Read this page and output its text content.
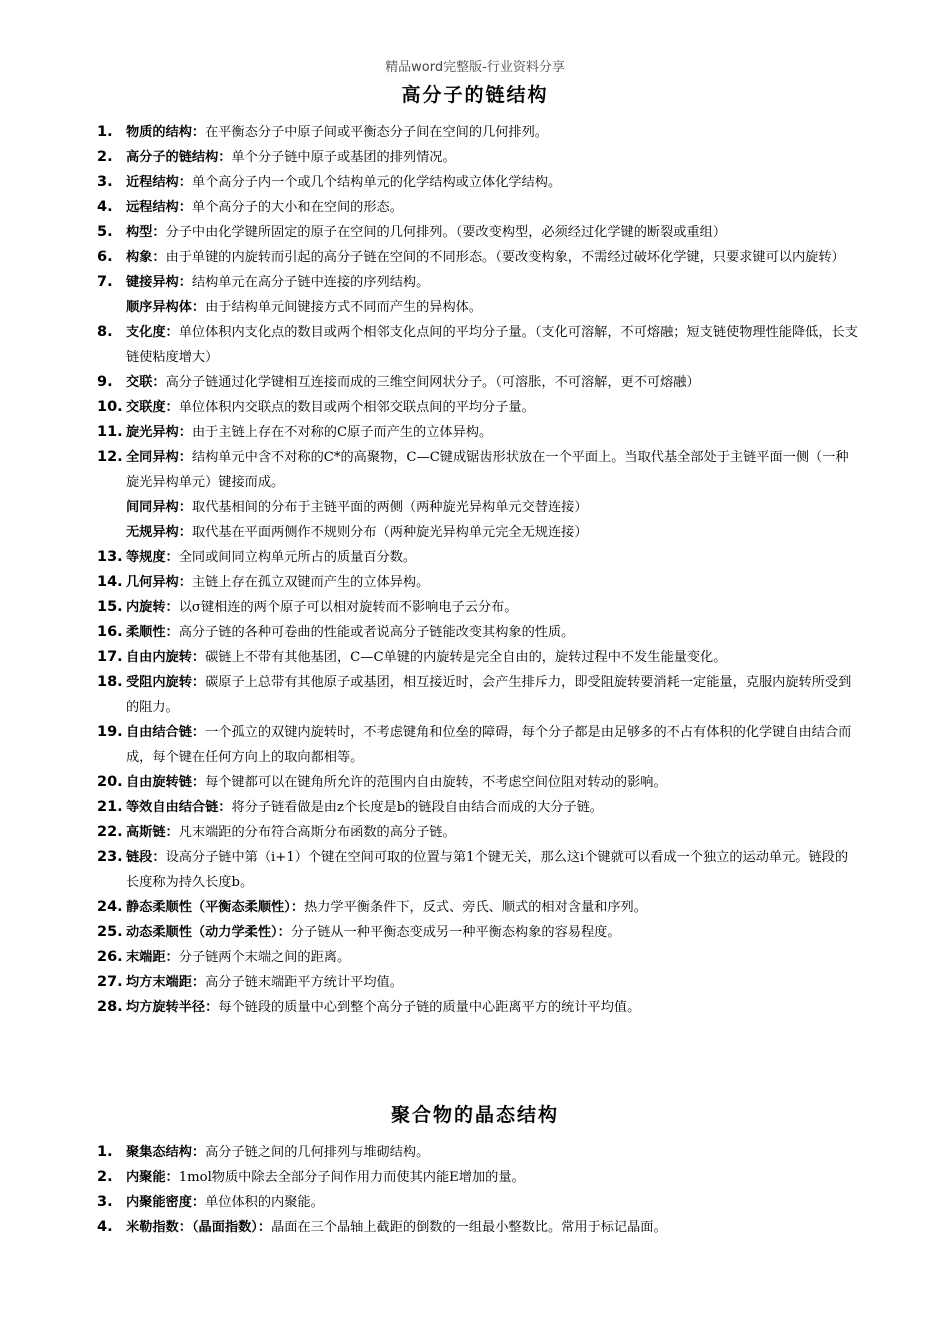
精品word完整版-行业资料分享
高分子的链结构
1. 物质的结构：在平衡态分子中原子间或平衡态分子间在空间的几何排列。
2. 高分子的链结构：单个分子链中原子或基团的排列情况。
3. 近程结构：单个高分子内一个或几个结构单元的化学结构或立体化学结构。
4. 远程结构：单个高分子的大小和在空间的形态。
5. 构型：分子中由化学键所固定的原子在空间的几何排列。（要改变构型，必须经过化学键的断裂或重组）
6. 构象：由于单键的内旋转而引起的高分子链在空间的不同形态。（要改变构象，不需经过破坏化学键，只要求键可以内旋转）
7. 键接异构：结构单元在高分子链中连接的序列结构。
顺序异构体：由于结构单元间键接方式不同而产生的异构体。
8. 支化度：单位体积内支化点的数目或两个相邻支化点间的平均分子量。（支化可溶解，不可熔融；短支链使物理性能降低，长支链使粘度增大）
9. 交联：高分子链通过化学键相互连接而成的三维空间网状分子。（可溶胀，不可溶解，更不可熔融）
10. 交联度：单位体积内交联点的数目或两个相邻交联点间的平均分子量。
11. 旋光异构：由于主链上存在不对称的C原子而产生的立体异构。
12. 全同异构：结构单元中含不对称的C*的高聚物，C—C键成锯齿形状放在一个平面上。当取代基全部处于主链平面一侧（一种旋光异构单元）键接而成。
间同异构：取代基相间的分布于主链平面的两侧（两种旋光异构单元交替连接）
无规异构：取代基在平面两侧作不规则分布（两种旋光异构单元完全无规连接）
13. 等规度：全同或间同立构单元所占的质量百分数。
14. 几何异构：主链上存在孤立双键而产生的立体异构。
15. 内旋转：以σ键相连的两个原子可以相对旋转而不影响电子云分布。
16. 柔顺性：高分子链的各种可卷曲的性能或者说高分子链能改变其构象的性质。
17. 自由内旋转：碳链上不带有其他基团，C—C单键的内旋转是完全自由的，旋转过程中不发生能量变化。
18. 受阻内旋转：碳原子上总带有其他原子或基团，相互接近时，会产生排斥力，即受阻旋转要消耗一定能量，克服内旋转所受到的阻力。
19. 自由结合链：一个孤立的双键内旋转时，不考虑键角和位垒的障碍，每个分子都是由足够多的不占有体积的化学键自由结合而成，每个键在任何方向上的取向都相等。
20. 自由旋转链：每个键都可以在键角所允许的范围内自由旋转，不考虑空间位阻对转动的影响。
21. 等效自由结合链：将分子链看做是由z个长度是b的链段自由结合而成的大分子链。
22. 高斯链：凡末端距的分布符合高斯分布函数的高分子链。
23. 链段：设高分子链中第（i+1）个键在空间可取的位置与第1个键无关，那么这i个键就可以看成一个独立的运动单元。链段的长度称为持久长度b。
24. 静态柔顺性（平衡态柔顺性）：热力学平衡条件下，反式、旁氏、顺式的相对含量和序列。
25. 动态柔顺性（动力学柔性）：分子链从一种平衡态变成另一种平衡态构象的容易程度。
26. 末端距：分子链两个末端之间的距离。
27. 均方末端距：高分子链末端距平方统计平均值。
28. 均方旋转半径：每个链段的质量中心到整个高分子链的质量中心距离平方的统计平均值。
聚合物的晶态结构
1. 聚集态结构：高分子链之间的几何排列与堆砌结构。
2. 内聚能：1mol物质中除去全部分子间作用力而使其内能E增加的量。
3. 内聚能密度：单位体积的内聚能。
4. 米勒指数：（晶面指数）：晶面在三个晶轴上截距的倒数的一组最小整数比。常用于标记晶面。
